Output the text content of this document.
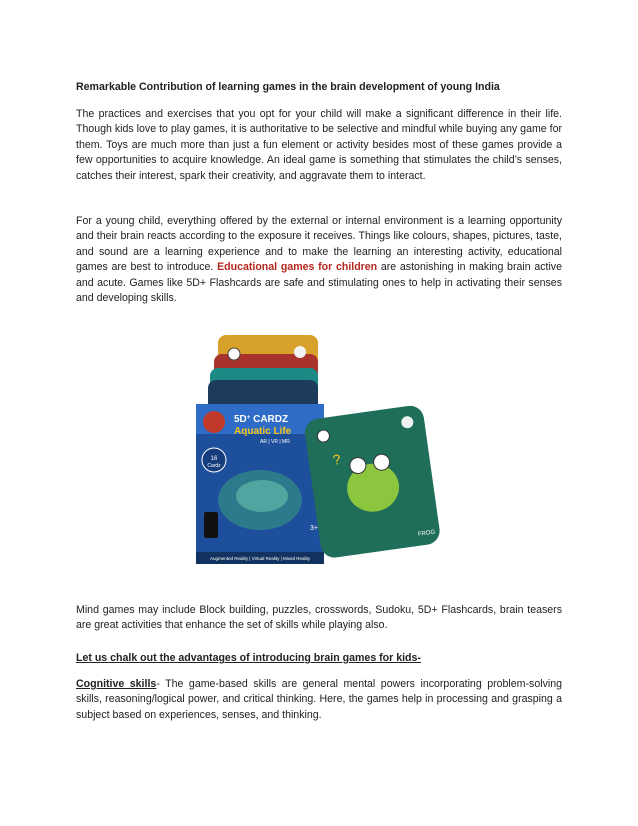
Remarkable Contribution of learning games in the brain development of young India

The practices and exercises that you opt for your child will make a significant difference in their life. Though kids love to play games, it is authoritative to be selective and mindful while buying any game for them. Toys are much more than just a fun element or activity besides most of these games provide a few opportunities to acquire knowledge. An ideal game is something that stimulates the child’s senses, catches their interest, spark their creativity, and aggravate them to interact.

For a young child, everything offered by the external or internal environment is a learning opportunity and their brain reacts according to the exposure it receives. Things like colours, shapes, pictures, taste, and sound are a learning experience and to make the learning an interesting activity, educational games are best to introduce. Educational games for children are astonishing in making brain active and acute. Games like 5D+ Flashcards are safe and stimulating ones to help in activating their senses and developing skills.

Mind games may include Block building, puzzles, crosswords, Sudoku, 5D+ Flashcards, brain teasers are great activities that enhance the set of skills while playing also.

Let us chalk out the advantages of introducing brain games for kids-

Cognitive skills- The game-based skills are general mental powers incorporating problem-solving skills, reasoning/logical power, and critical thinking. Here, the games help in processing and grasping a subject based on experiences, senses, and thinking.

5D+ CARDZ
Aquatic Life
AR | VR | MR
16
Cardz
3+
Augmented Reality | Virtual Reality | Mixed Reality
?
FROG
